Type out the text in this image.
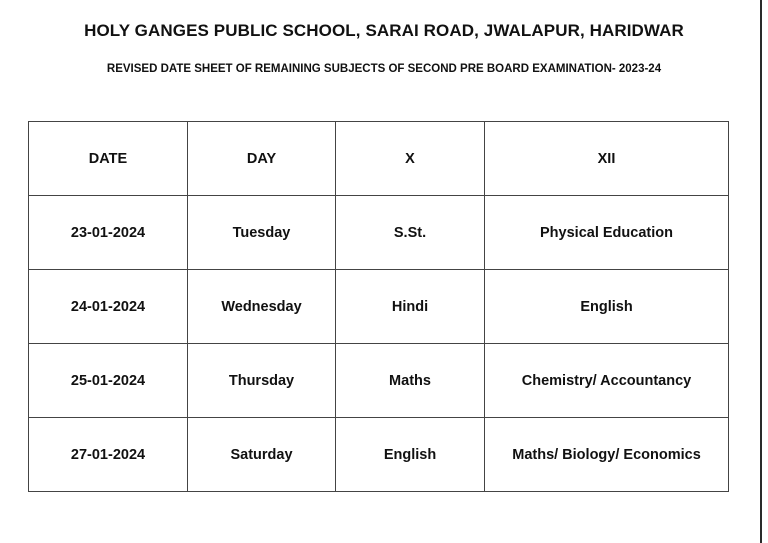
HOLY GANGES PUBLIC SCHOOL, SARAI ROAD, JWALAPUR, HARIDWAR
REVISED DATE SHEET OF REMAINING SUBJECTS OF SECOND PRE BOARD EXAMINATION- 2023-24
DATE	DAY	X	XII
23-01-2024	Tuesday	S.St.	Physical Education
24-01-2024	Wednesday	Hindi	English
25-01-2024	Thursday	Maths	Chemistry/ Accountancy
27-01-2024	Saturday	English	Maths/ Biology/ Economics
